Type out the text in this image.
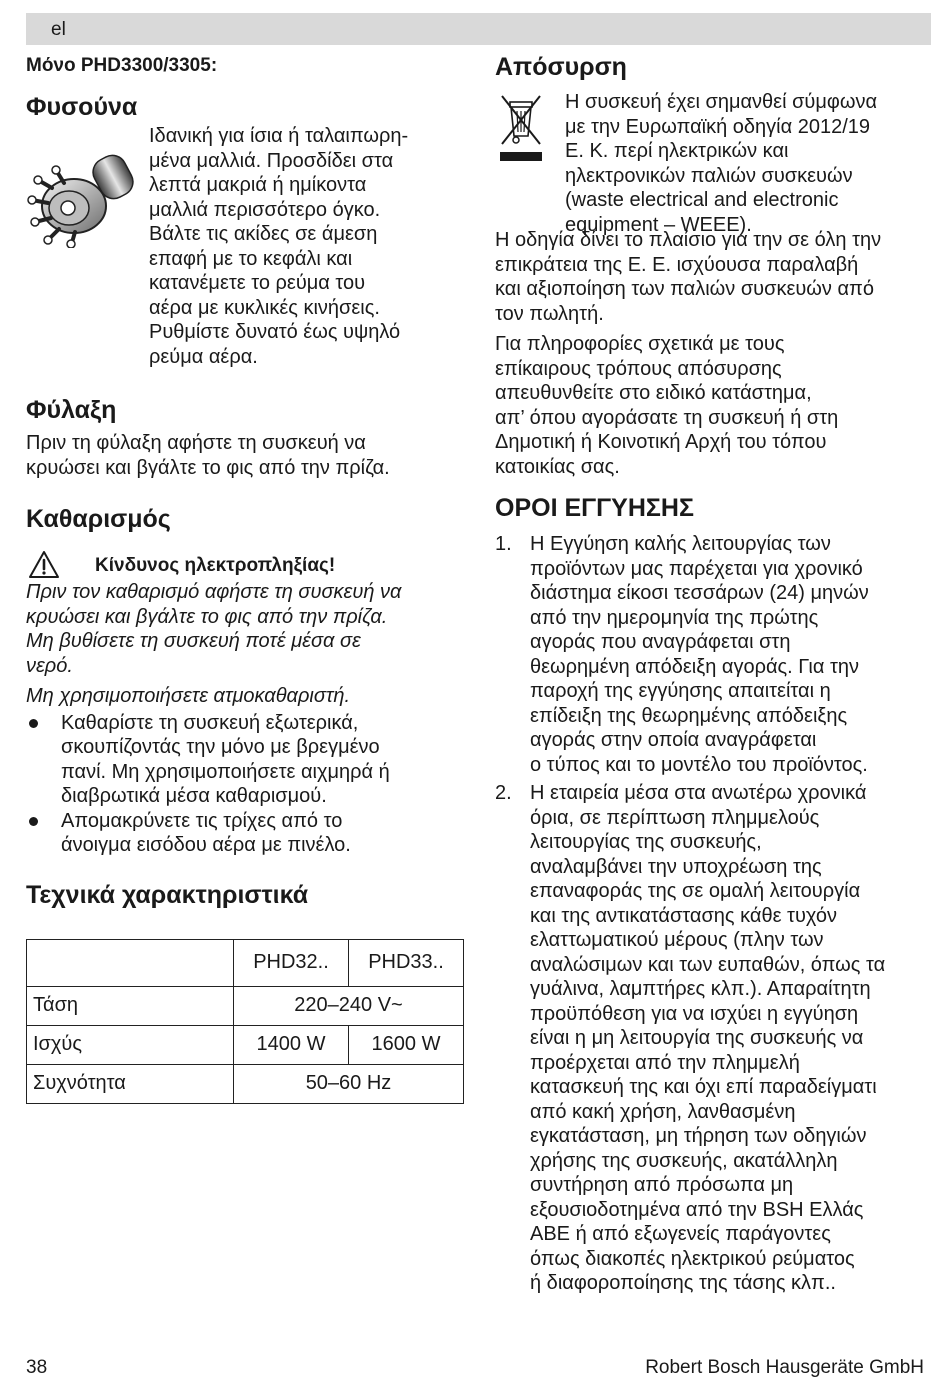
el
Μόνο PHD3300/3305:
Φυσούνα

Ιδανική για ίσια ή ταλαιπωρη-

μένα μαλλιά. Προσδίδει στα

λεπτά μακριά ή ημίκοντα

μαλλιά περισσότερο όγκο.

Βάλτε τις ακίδες σε άμεση

επαφή με το κεφάλι και

κατανέμετε το ρεύμα του

αέρα με κυκλικές κινήσεις.

Ρυθμίστε δυνατό έως υψηλό

ρεύμα αέρα.

Φύλαξη

Πριν τη φύλαξη αφήστε τη συσκευή να

κρυώσει και βγάλτε το φις από την πρίζα.

Καθαρισμός
Κίνδυνος ηλεκτροπληξίας!

Πριν τον καθαρισμό αφήστε τη συσκευή να

κρυώσει και βγάλτε το φις από την πρίζα.

Μη βυθίσετε τη συσκευή ποτέ μέσα σε

νερό.

Μη χρησιμοποιήσετε ατμοκαθαριστή.

Καθαρίστε τη συσκευή εξωτερικά,
σκουπίζοντάς την μόνο με βρεγμένο
πανί. Μη χρησιμοποιήσετε αιχμηρά ή
διαβρωτικά μέσα καθαρισμού.
Απομακρύνετε τις τρίχες από το
άνοιγμα εισόδου αέρα με πινέλο.
Τεχνικά χαρακτηριστικά
	PHD32..	PHD33..
Τάση	220–240 V~	
Ισχύς	1400 W	1600 W
Συχνότητα	50–60 Hz	
Απόσυρση

Η συσκευή έχει σημανθεί σύμφωνα

με την Ευρωπαϊκή οδηγία 2012/19

Ε. Κ. περί ηλεκτρικών και

ηλεκτρονικών παλιών συσκευών

(waste electrical and electronic

equipment – WEEE).

Η οδηγία δίνει το πλαίσιο για την σε όλη την

επικράτεια της Ε. Ε. ισχύουσα παραλαβή

και αξιοποίηση των παλιών συσκευών από

τον πωλητή.

Για πληροφορίες σχετικά με τους

επίκαιρους τρόπους απόσυρσης

απευθυνθείτε στο ειδικό κατάστημα,

απ’ όπου αγοράσατε τη συσκευή ή στη

Δημοτική ή Κοινοτική Αρχή του τόπου

κατοικίας σας.

ΟΡΟΙ ΕΓΓΥΗΣΗΣ
1. Η Εγγύηση καλής λειτουργίας των
προϊόντων μας παρέχεται για χρονικό
διάστημα είκοσι τεσσάρων (24) μηνών
από την ημερομηνία της πρώτης
αγοράς που αναγράφεται στη
θεωρημένη απόδειξη αγοράς. Για την
παροχή της εγγύησης απαιτείται η
επίδειξη της θεωρημένης απόδειξης
αγοράς στην οποία αναγράφεται
ο τύπος και το μοντέλο του προϊόντος.
2. Η εταιρεία μέσα στα ανωτέρω χρονικά
όρια, σε περίπτωση πλημμελούς
λειτουργίας της συσκευής,
αναλαμβάνει την υποχρέωση της
επαναφοράς της σε ομαλή λειτουργία
και της αντικατάστασης κάθε τυχόν
ελαττωματικού μέρους (πλην των
αναλώσιμων και των ευπαθών, όπως τα
γυάλινα, λαμπτήρες κλπ.). Απαραίτητη
προϋπόθεση για να ισχύει η εγγύηση
είναι η μη λειτουργία της συσκευής να
προέρχεται από την πλημμελή
κατασκευή της και όχι επί παραδείγματι
από κακή χρήση, λανθασμένη
εγκατάσταση, μη τήρηση των οδηγιών
χρήσης της συσκευής, ακατάλληλη
συντήρηση από πρόσωπα μη
εξουσιοδοτημένα από την BSH Ελλάς
ΑΒΕ ή από εξωγενείς παράγοντες
όπως διακοπές ηλεκτρικού ρεύματος
ή διαφοροποίησης της τάσης κλπ..
38	Robert Bosch Hausgeräte GmbH
